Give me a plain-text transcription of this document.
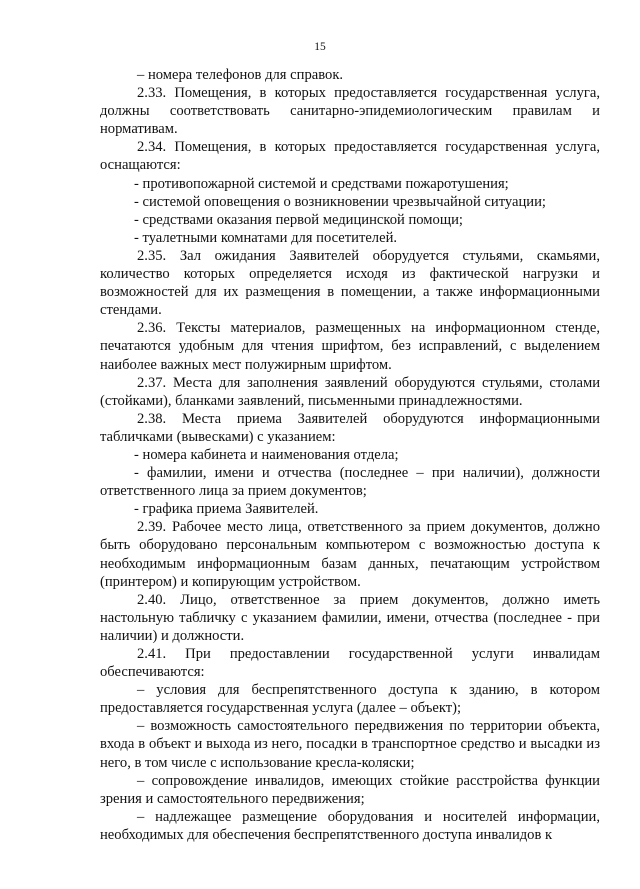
15

– номера телефонов для справок.

2.33. Помещения, в которых предоставляется государственная услуга, должны соответствовать санитарно-эпидемиологическим правилам и нормативам.

2.34. Помещения, в которых предоставляется государственная услуга, оснащаются:

- противопожарной системой и средствами пожаротушения;

- системой оповещения о возникновении чрезвычайной ситуации;

- средствами оказания первой медицинской помощи;

- туалетными комнатами для посетителей.

2.35. Зал ожидания Заявителей оборудуется стульями, скамьями, количество которых определяется исходя из фактической нагрузки и возможностей для их размещения в помещении, а также информационными стендами.

2.36. Тексты материалов, размещенных на информационном стенде, печатаются удобным для чтения шрифтом, без исправлений, с выделением наиболее важных мест полужирным шрифтом.

2.37. Места для заполнения заявлений оборудуются стульями, столами (стойками), бланками заявлений, письменными принадлежностями.

2.38. Места приема Заявителей оборудуются информационными табличками (вывесками) с указанием:

- номера кабинета и наименования отдела;

- фамилии, имени и отчества (последнее – при наличии), должности ответственного лица за прием документов;

- графика приема Заявителей.

2.39. Рабочее место лица, ответственного за прием документов, должно быть оборудовано персональным компьютером с возможностью доступа к необходимым информационным базам данных, печатающим устройством (принтером) и копирующим устройством.

2.40. Лицо, ответственное за прием документов, должно иметь настольную табличку с указанием фамилии, имени, отчества (последнее - при наличии) и должности.

2.41. При предоставлении государственной услуги инвалидам обеспечиваются:

– условия для беспрепятственного доступа к зданию, в котором предоставляется государственная услуга (далее – объект);

– возможность самостоятельного передвижения по территории объекта, входа в объект и выхода из него, посадки в транспортное средство и высадки из него, в том числе с использование кресла-коляски;

– сопровождение инвалидов, имеющих стойкие расстройства функции зрения и самостоятельного передвижения;

– надлежащее размещение оборудования и носителей информации, необходимых для обеспечения беспрепятственного доступа инвалидов к
